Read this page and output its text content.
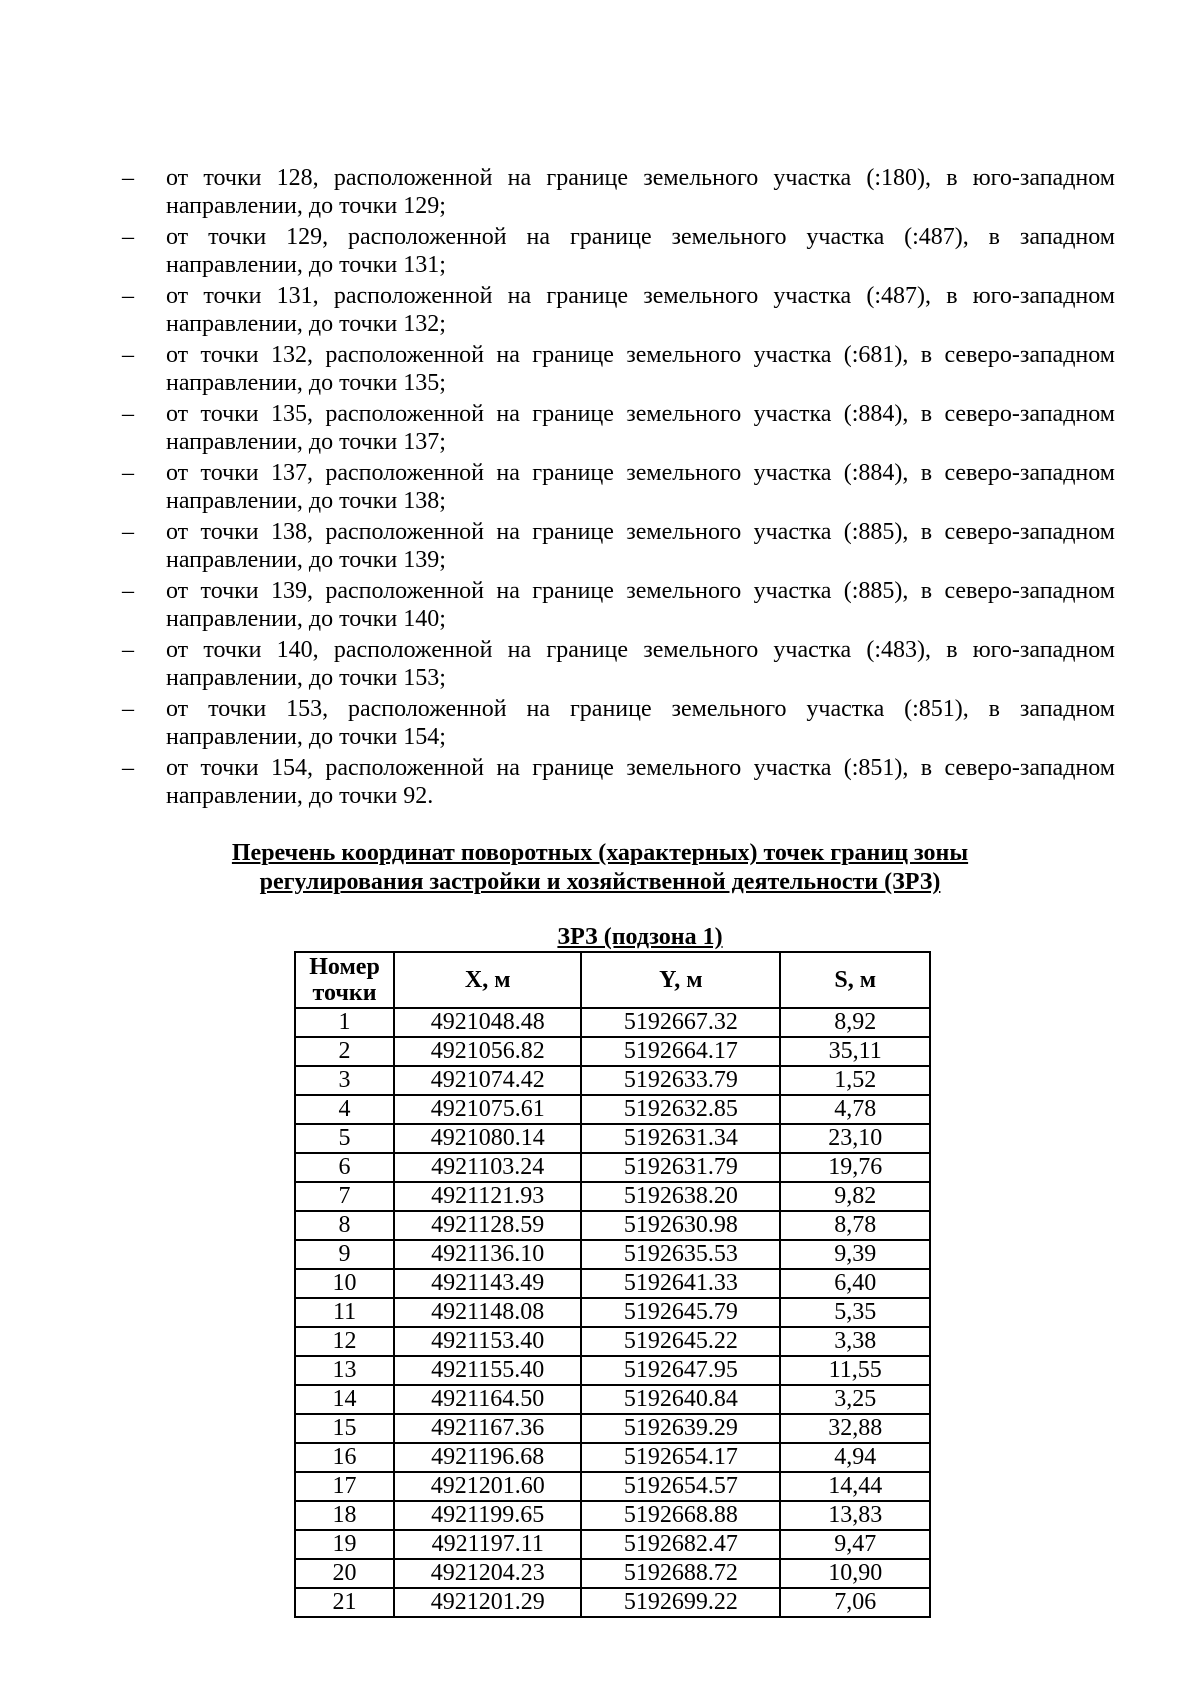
–	от точки 128, расположенной на границе земельного участка (:180), в юго-западном
направлении, до точки 129;
–	от точки 129, расположенной на границе земельного участка (:487), в западном
направлении, до точки 131;
–	от точки 131, расположенной на границе земельного участка (:487), в юго-западном
направлении, до точки 132;
–	от точки 132, расположенной на границе земельного участка (:681), в северо-западном
направлении, до точки 135;
–	от точки 135, расположенной на границе земельного участка (:884), в северо-западном
направлении, до точки 137;
–	от точки 137, расположенной на границе земельного участка (:884), в северо-западном
направлении, до точки 138;
–	от точки 138, расположенной на границе земельного участка (:885), в северо-западном
направлении, до точки 139;
–	от точки 139, расположенной на границе земельного участка (:885), в северо-западном
направлении, до точки 140;
–	от точки 140, расположенной на границе земельного участка (:483), в юго-западном
направлении, до точки 153;
–	от точки 153, расположенной на границе земельного участка (:851), в западном
направлении, до точки 154;
–	от точки 154, расположенной на границе земельного участка (:851), в северо-западном
направлении, до точки 92.
Перечень координат поворотных (характерных) точек границ зоны
регулирования застройки и хозяйственной деятельности (ЗРЗ)
ЗРЗ (подзона 1)
Номер
точки	X, м	Y, м	S, м
1	4921048.48	5192667.32	8,92
2	4921056.82	5192664.17	35,11
3	4921074.42	5192633.79	1,52
4	4921075.61	5192632.85	4,78
5	4921080.14	5192631.34	23,10
6	4921103.24	5192631.79	19,76
7	4921121.93	5192638.20	9,82
8	4921128.59	5192630.98	8,78
9	4921136.10	5192635.53	9,39
10	4921143.49	5192641.33	6,40
11	4921148.08	5192645.79	5,35
12	4921153.40	5192645.22	3,38
13	4921155.40	5192647.95	11,55
14	4921164.50	5192640.84	3,25
15	4921167.36	5192639.29	32,88
16	4921196.68	5192654.17	4,94
17	4921201.60	5192654.57	14,44
18	4921199.65	5192668.88	13,83
19	4921197.11	5192682.47	9,47
20	4921204.23	5192688.72	10,90
21	4921201.29	5192699.22	7,06
